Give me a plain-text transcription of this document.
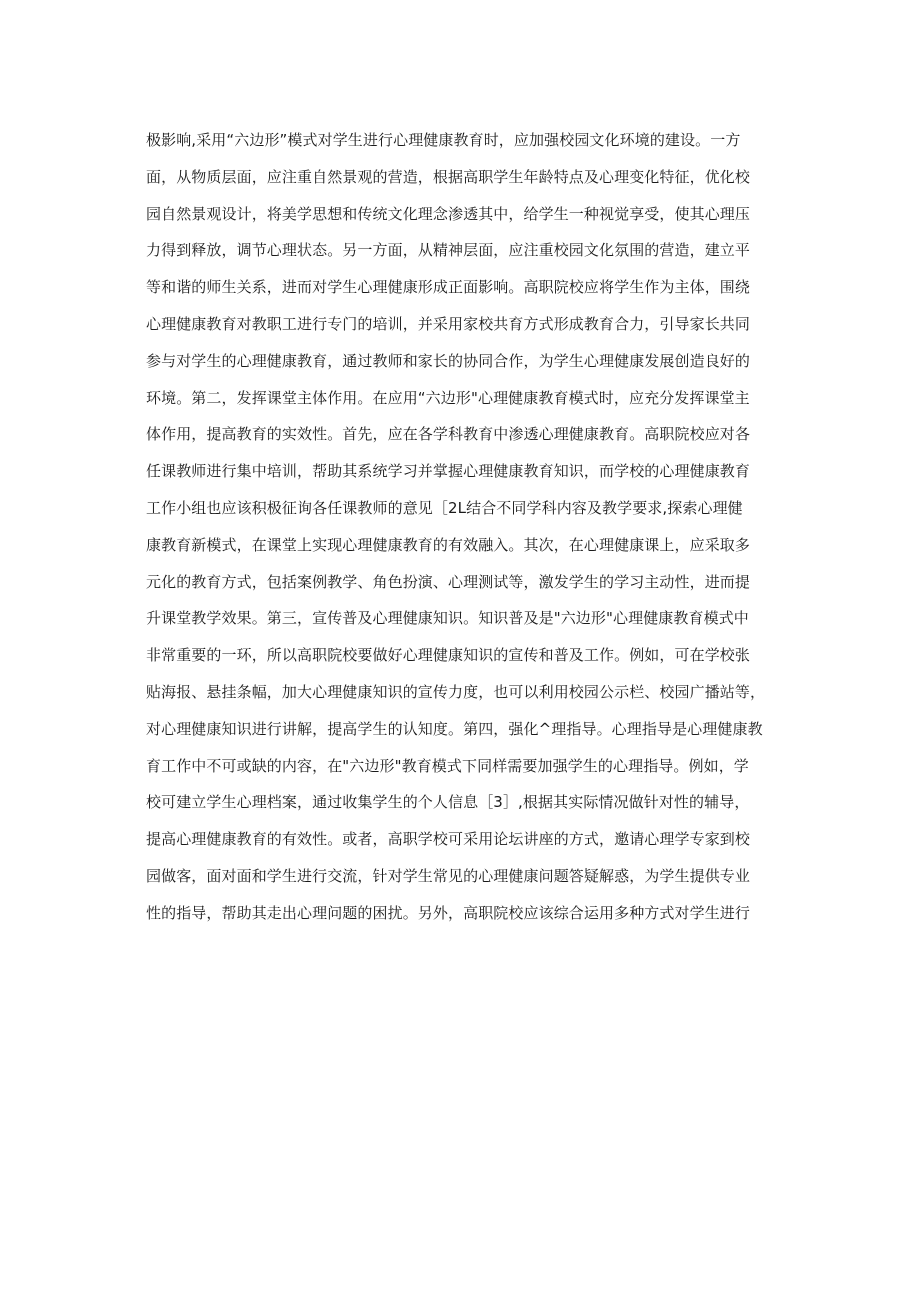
极影响,采用“六边形”模式对学生进行心理健康教育时，应加强校园文化环境的建设。一方
面，从物质层面，应注重自然景观的营造，根据高职学生年龄特点及心理变化特征，优化校
园自然景观设计，将美学思想和传统文化理念渗透其中，给学生一种视觉享受，使其心理压
力得到释放，调节心理状态。另一方面，从精神层面，应注重校园文化氛围的营造，建立平
等和谐的师生关系，进而对学生心理健康形成正面影响。高职院校应将学生作为主体，围绕
心理健康教育对教职工进行专门的培训，并采用家校共育方式形成教育合力，引导家长共同
参与对学生的心理健康教育，通过教师和家长的协同合作，为学生心理健康发展创造良好的
环境。第二，发挥课堂主体作用。在应用“六边形"心理健康教育模式时，应充分发挥课堂主
体作用，提高教育的实效性。首先，应在各学科教育中渗透心理健康教育。高职院校应对各
任课教师进行集中培训，帮助其系统学习并掌握心理健康教育知识，而学校的心理健康教育
工作小组也应该积极征询各任课教师的意见［2L结合不同学科内容及教学要求,探索心理健
康教育新模式，在课堂上实现心理健康教育的有效融入。其次，在心理健康课上，应采取多
元化的教育方式，包括案例教学、角色扮演、心理测试等，激发学生的学习主动性，进而提
升课堂教学效果。第三，宣传普及心理健康知识。知识普及是"六边形"心理健康教育模式中
非常重要的一环，所以高职院校要做好心理健康知识的宣传和普及工作。例如，可在学校张
贴海报、悬挂条幅，加大心理健康知识的宣传力度，也可以利用校园公示栏、校园广播站等，
对心理健康知识进行讲解，提高学生的认知度。第四，强化^理指导。心理指导是心理健康教
育工作中不可或缺的内容，在"六边形"教育模式下同样需要加强学生的心理指导。例如，学
校可建立学生心理档案，通过收集学生的个人信息［3］,根据其实际情况做针对性的辅导，
提高心理健康教育的有效性。或者，高职学校可采用论坛讲座的方式，邀请心理学专家到校
园做客，面对面和学生进行交流，针对学生常见的心理健康问题答疑解惑，为学生提供专业
性的指导，帮助其走出心理问题的困扰。另外，高职院校应该综合运用多种方式对学生进行
